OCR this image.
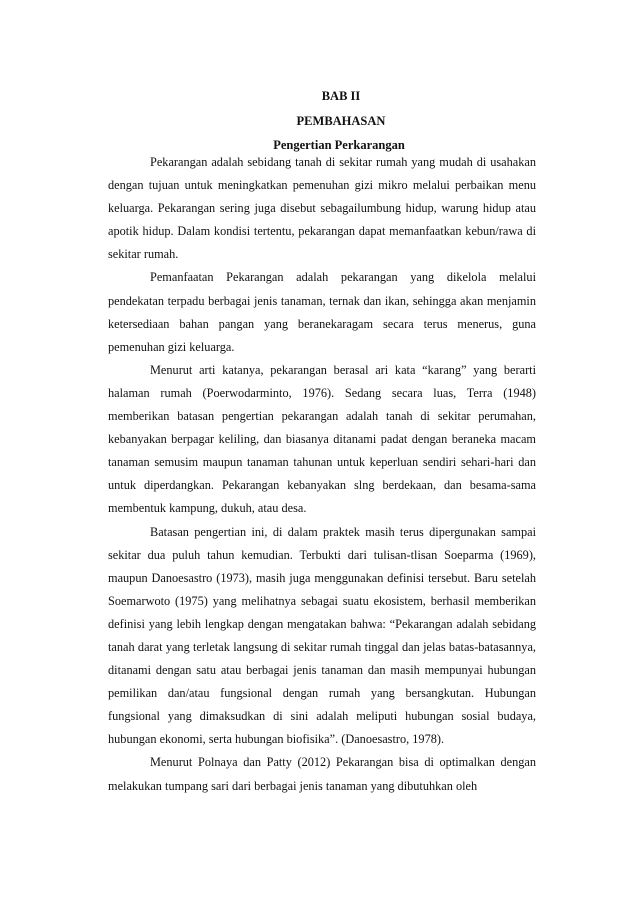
BAB II
PEMBAHASAN
Pengertian Perkarangan

Pekarangan adalah sebidang tanah di sekitar rumah yang mudah di usahakan dengan tujuan untuk meningkatkan pemenuhan gizi mikro melalui perbaikan menu keluarga. Pekarangan sering juga disebut sebagailumbung hidup, warung hidup atau apotik hidup. Dalam kondisi tertentu, pekarangan dapat memanfaatkan kebun/rawa di sekitar rumah.

Pemanfaatan Pekarangan adalah pekarangan yang dikelola melalui pendekatan terpadu berbagai jenis tanaman, ternak dan ikan, sehingga akan menjamin ketersediaan bahan pangan yang beranekaragam secara terus menerus, guna pemenuhan gizi keluarga.

Menurut arti katanya, pekarangan berasal ari kata “karang” yang berarti halaman rumah (Poerwodarminto, 1976). Sedang secara luas, Terra (1948) memberikan batasan pengertian pekarangan adalah tanah di sekitar perumahan, kebanyakan berpagar keliling, dan biasanya ditanami padat dengan beraneka macam tanaman semusim maupun tanaman tahunan untuk keperluan sendiri sehari-hari dan untuk diperdangkan. Pekarangan kebanyakan slng berdekaan, dan besama-sama membentuk kampung, dukuh, atau desa.

Batasan pengertian ini, di dalam praktek masih terus dipergunakan sampai sekitar dua puluh tahun kemudian. Terbukti dari tulisan-tlisan Soeparma (1969), maupun Danoesastro (1973), masih juga menggunakan definisi tersebut. Baru setelah Soemarwoto (1975) yang melihatnya sebagai suatu ekosistem, berhasil memberikan definisi yang lebih lengkap dengan mengatakan bahwa: “Pekarangan adalah sebidang tanah darat yang terletak langsung di sekitar rumah tinggal dan jelas batas-batasannya, ditanami dengan satu atau berbagai jenis tanaman dan masih mempunyai hubungan pemilikan dan/atau fungsional dengan rumah yang bersangkutan. Hubungan fungsional yang dimaksudkan di sini adalah meliputi hubungan sosial budaya, hubungan ekonomi, serta hubungan biofisika”. (Danoesastro, 1978).

Menurut Polnaya dan Patty (2012) Pekarangan bisa di optimalkan dengan melakukan tumpang sari dari berbagai jenis tanaman yang dibutuhkan oleh
